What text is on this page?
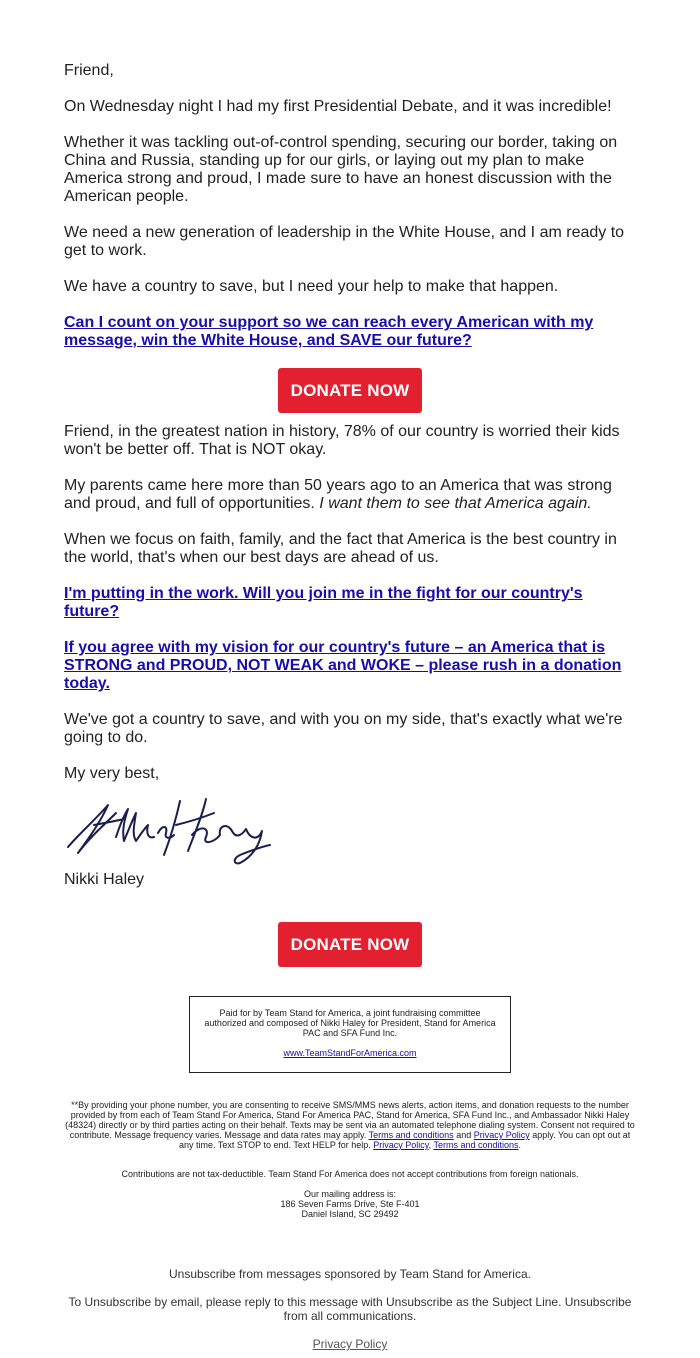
Friend,

On Wednesday night I had my first Presidential Debate, and it was incredible!

Whether it was tackling out-of-control spending, securing our border, taking on China and Russia, standing up for our girls, or laying out my plan to make America strong and proud, I made sure to have an honest discussion with the American people.

We need a new generation of leadership in the White House, and I am ready to get to work.

We have a country to save, but I need your help to make that happen.

Can I count on your support so we can reach every American with my message, win the White House, and SAVE our future?
DONATE NOW

Friend, in the greatest nation in history, 78% of our country is worried their kids won't be better off. That is NOT okay.

My parents came here more than 50 years ago to an America that was strong and proud, and full of opportunities. I want them to see that America again.

When we focus on faith, family, and the fact that America is the best country in the world, that's when our best days are ahead of us.

I'm putting in the work. Will you join me in the fight for our country's future?
If you agree with my vision for our country's future – an America that is STRONG and PROUD, NOT WEAK and WOKE – please rush in a donation today.

We've got a country to save, and with you on my side, that's exactly what we're going to do.

My very best,

Nikki Haley

DONATE NOW
Paid for by Team Stand for America, a joint fundraising committee authorized and composed of Nikki Haley for President, Stand for America PAC and SFA Fund Inc.
www.TeamStandForAmerica.com
**By providing your phone number, you are consenting to receive SMS/MMS news alerts, action items, and donation requests to the number provided by from each of Team Stand For America, Stand For America PAC, Stand for America, SFA Fund Inc., and Ambassador Nikki Haley (48324) directly or by third parties acting on their behalf. Texts may be sent via an automated telephone dialing system. Consent not required to contribute. Message frequency varies. Message and data rates may apply. Terms and conditions and Privacy Policy apply. You can opt out at any time. Text STOP to end. Text HELP for help. Privacy Policy, Terms and conditions.
Contributions are not tax-deductible. Team Stand For America does not accept contributions from foreign nationals.
Our mailing address is:
186 Seven Farms Drive, Ste F-401
Daniel Island, SC 29492
Unsubscribe from messages sponsored by Team Stand for America.
To Unsubscribe by email, please reply to this message with Unsubscribe as the Subject Line. Unsubscribe from all communications.
Privacy Policy
